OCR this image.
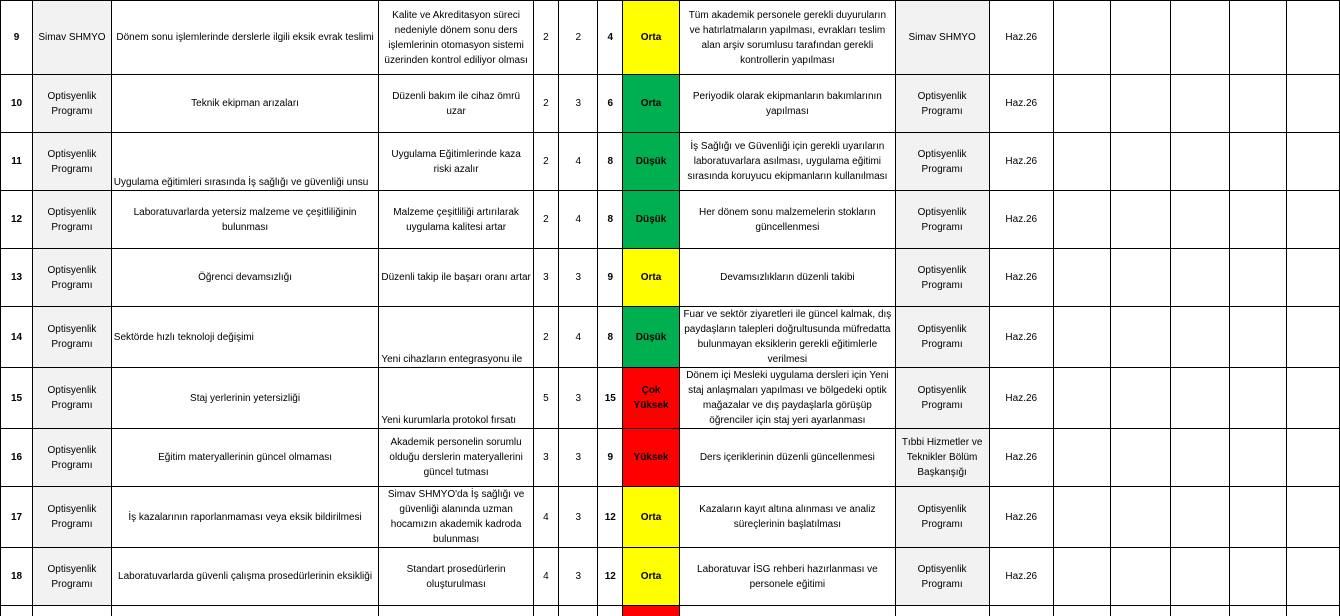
9	Simav SHMYO	Dönem sonu işlemlerinde derslerle ilgili eksik evrak teslimi	Kalite ve Akreditasyon süreci nedeniyle dönem sonu ders işlemlerinin otomasyon sistemi üzerinden kontrol ediliyor olması	2	2	4	Orta	Tüm akademik personele gerekli duyuruların ve hatırlatmaların yapılması, evrakları teslim alan arşiv sorumlusu tarafından gerekli kontrollerin yapılması	Simav SHMYO	Haz.26					
10	Optisyenlik Programı	Teknik ekipman arızaları	Düzenli bakım ile cihaz ömrü uzar	2	3	6	Orta	Periyodik olarak ekipmanların bakımlarının yapılması	Optisyenlik Programı	Haz.26					
11	Optisyenlik Programı	Uygulama eğitimleri sırasında İş sağlığı ve güvenliği unsu	Uygulama Eğitimlerinde kaza riski azalır	2	4	8	Düşük	İş Sağlığı ve Güvenliği için gerekli uyarıların laboratuvarlara asılması, uygulama eğitimi sırasında koruyucu ekipmanların kullanılması	Optisyenlik Programı	Haz.26					
12	Optisyenlik Programı	Laboratuvarlarda yetersiz malzeme ve çeşitliliğinin bulunması	Malzeme çeşitliliği artırılarak uygulama kalitesi artar	2	4	8	Düşük	Her dönem sonu malzemelerin stokların güncellenmesi	Optisyenlik Programı	Haz.26					
13	Optisyenlik Programı	Öğrenci devamsızlığı	Düzenli takip ile başarı oranı artar	3	3	9	Orta	Devamsızlıkların düzenli takibi	Optisyenlik Programı	Haz.26					
14	Optisyenlik Programı	Sektörde hızlı teknoloji değişimi	Yeni cihazların entegrasyonu ile	2	4	8	Düşük	Fuar ve sektör ziyaretleri ile güncel kalmak, dış paydaşların talepleri doğrultusunda müfredatta bulunmayan eksiklerin gerekli eğitimlerle verilmesi	Optisyenlik Programı	Haz.26					
15	Optisyenlik Programı	Staj yerlerinin yetersizliği	Yeni kurumlarla protokol fırsatı	5	3	15	Çok Yüksek	Dönem içi Mesleki uygulama dersleri için Yeni staj anlaşmaları yapılması ve bölgedeki optik mağazalar ve dış paydaşlarla görüşüp öğrenciler için staj yeri ayarlanması	Optisyenlik Programı	Haz.26					
16	Optisyenlik Programı	Eğitim materyallerinin güncel olmaması	Akademik personelin sorumlu olduğu derslerin materyallerini güncel tutması	3	3	9	Yüksek	Ders içeriklerinin düzenli güncellenmesi	Tıbbi Hizmetler ve Teknikler Bölüm Başkanşığı	Haz.26					
17	Optisyenlik Programı	İş kazalarının raporlanmaması veya eksik bildirilmesi	Simav SHMYO'da İş sağlığı ve güvenliği alanında uzman hocamızın akademik kadroda bulunması	4	3	12	Orta	Kazaların kayıt altına alınması ve analiz süreçlerinin başlatılması	Optisyenlik Programı	Haz.26					
18	Optisyenlik Programı	Laboratuvarlarda güvenli çalışma prosedürlerinin eksikliği	Standart prosedürlerin oluşturulması	4	3	12	Orta	Laboratuvar İSG rehberi hazırlanması ve personele eğitimi	Optisyenlik Programı	Haz.26					
